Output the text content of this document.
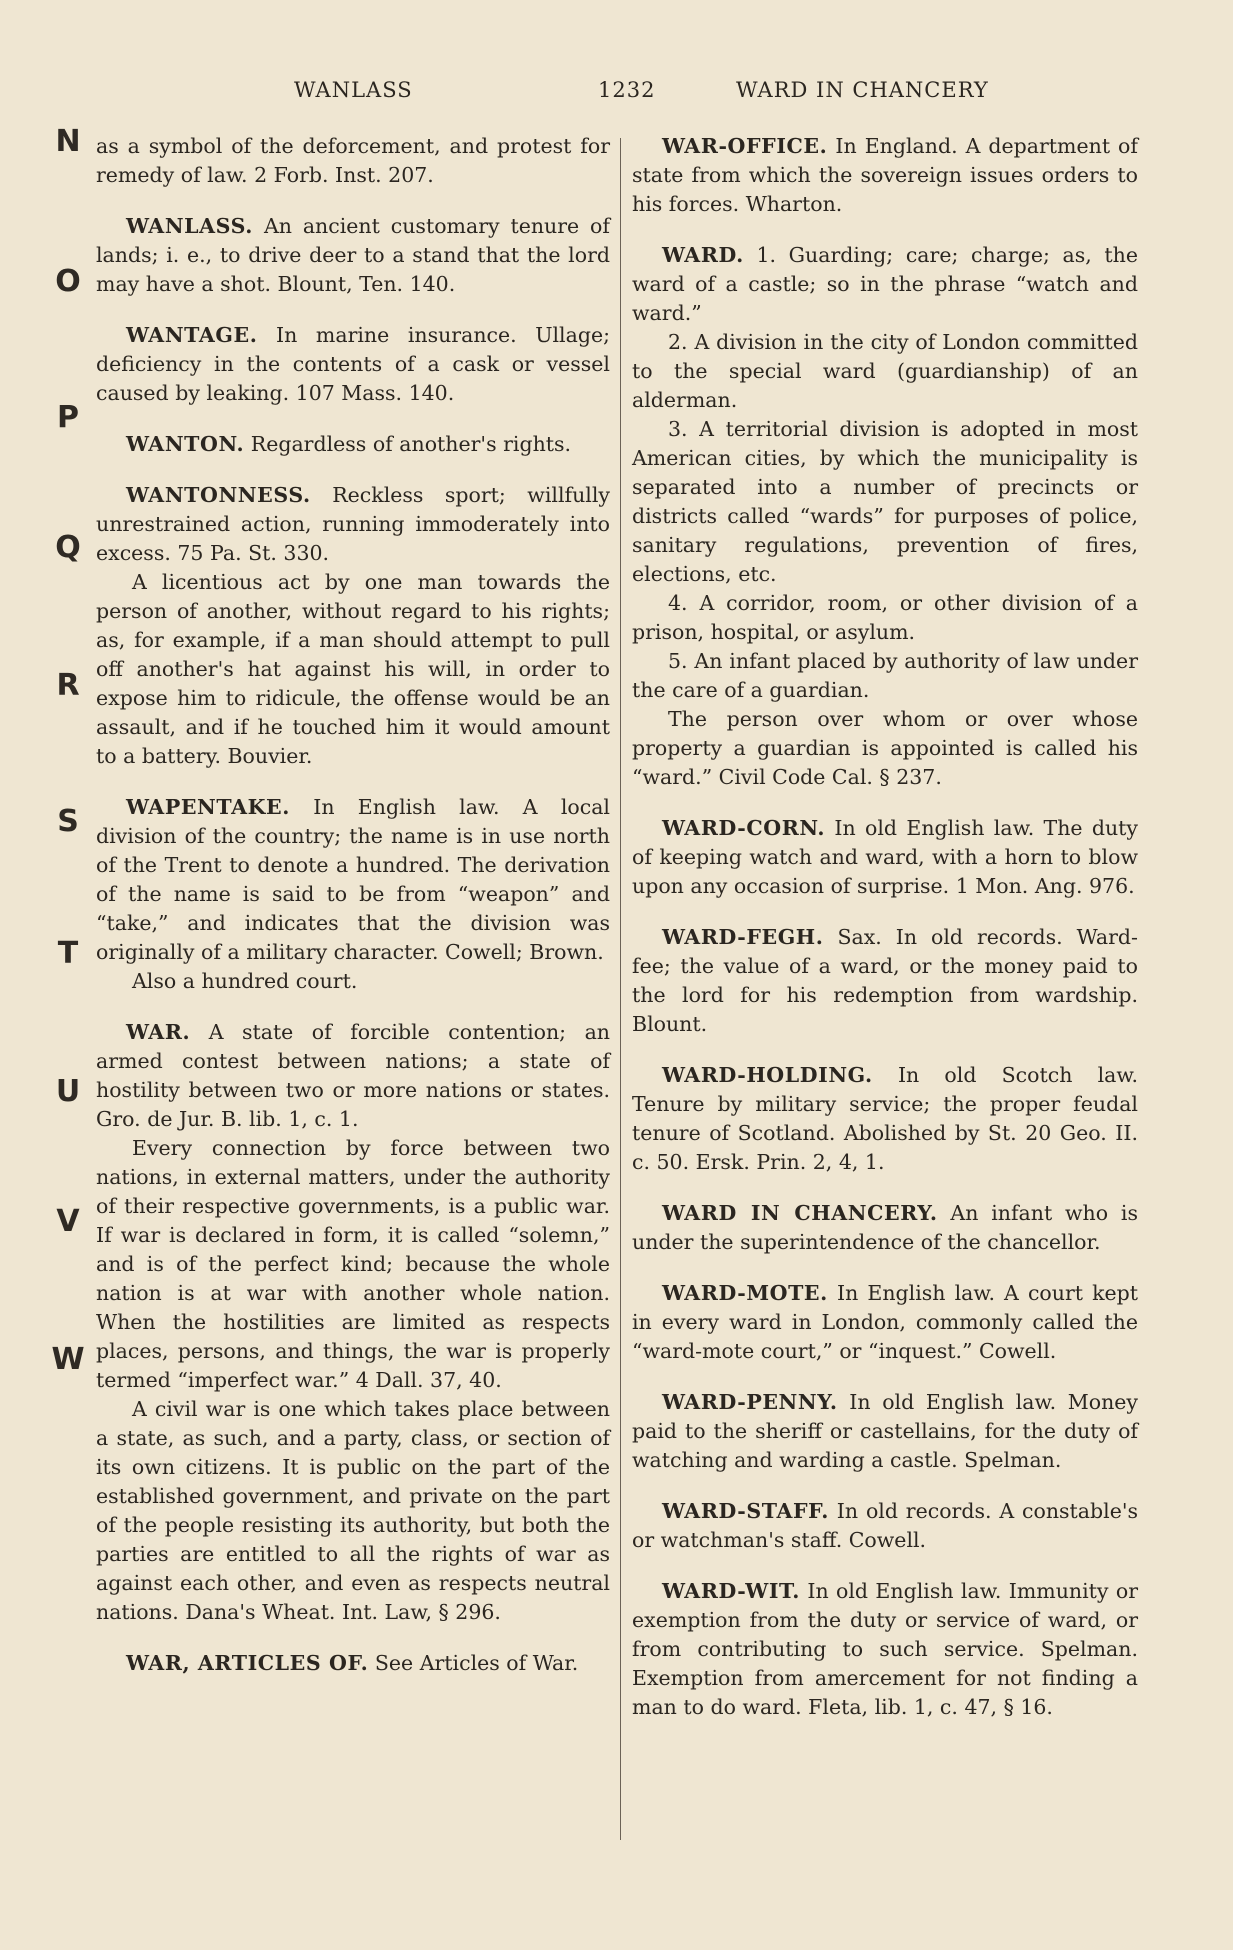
WANLASS	1232	WARD IN CHANCERY
N
O
P
Q
R
S
T
U
V
W

as a symbol of the deforcement, and protest for remedy of law. 2 Forb. Inst. 207.

WANLASS. An ancient customary tenure of lands; i. e., to drive deer to a stand that the lord may have a shot. Blount, Ten. 140.

WANTAGE. In marine insurance. Ullage; deficiency in the contents of a cask or vessel caused by leaking. 107 Mass. 140.

WANTON. Regardless of another's rights.

WANTONNESS. Reckless sport; willfully unrestrained action, running immoderately into excess. 75 Pa. St. 330.

A licentious act by one man towards the person of another, without regard to his rights; as, for example, if a man should attempt to pull off another's hat against his will, in order to expose him to ridicule, the offense would be an assault, and if he touched him it would amount to a battery. Bouvier.

WAPENTAKE. In English law. A local division of the country; the name is in use north of the Trent to denote a hundred. The derivation of the name is said to be from “weapon” and “take,” and indicates that the division was originally of a military character. Cowell; Brown.

Also a hundred court.

WAR. A state of forcible contention; an armed contest between nations; a state of hostility between two or more nations or states. Gro. de Jur. B. lib. 1, c. 1.

Every connection by force between two nations, in external matters, under the authority of their respective governments, is a public war. If war is declared in form, it is called “solemn,” and is of the perfect kind; because the whole nation is at war with another whole nation. When the hostilities are limited as respects places, persons, and things, the war is properly termed “imperfect war.” 4 Dall. 37, 40.

A civil war is one which takes place between a state, as such, and a party, class, or section of its own citizens. It is public on the part of the established government, and private on the part of the people resisting its authority, but both the parties are entitled to all the rights of war as against each other, and even as respects neutral nations. Dana's Wheat. Int. Law, § 296.

WAR, ARTICLES OF. See Articles of War.

WAR-OFFICE. In England. A department of state from which the sovereign issues orders to his forces. Wharton.

WARD. 1. Guarding; care; charge; as, the ward of a castle; so in the phrase “watch and ward.”

2. A division in the city of London committed to the special ward (guardianship) of an alderman.

3. A territorial division is adopted in most American cities, by which the municipality is separated into a number of precincts or districts called “wards” for purposes of police, sanitary regulations, prevention of fires, elections, etc.

4. A corridor, room, or other division of a prison, hospital, or asylum.

5. An infant placed by authority of law under the care of a guardian.

The person over whom or over whose property a guardian is appointed is called his “ward.” Civil Code Cal. § 237.

WARD-CORN. In old English law. The duty of keeping watch and ward, with a horn to blow upon any occasion of surprise. 1 Mon. Ang. 976.

WARD-FEGH. Sax. In old records. Ward-fee; the value of a ward, or the money paid to the lord for his redemption from wardship. Blount.

WARD-HOLDING. In old Scotch law. Tenure by military service; the proper feudal tenure of Scotland. Abolished by St. 20 Geo. II. c. 50. Ersk. Prin. 2, 4, 1.

WARD IN CHANCERY. An infant who is under the superintendence of the chancellor.

WARD-MOTE. In English law. A court kept in every ward in London, commonly called the “ward-mote court,” or “inquest.” Cowell.

WARD-PENNY. In old English law. Money paid to the sheriff or castellains, for the duty of watching and warding a castle. Spelman.

WARD-STAFF. In old records. A constable's or watchman's staff. Cowell.

WARD-WIT. In old English law. Immunity or exemption from the duty or service of ward, or from contributing to such service. Spelman. Exemption from amercement for not finding a man to do ward. Fleta, lib. 1, c. 47, § 16.
